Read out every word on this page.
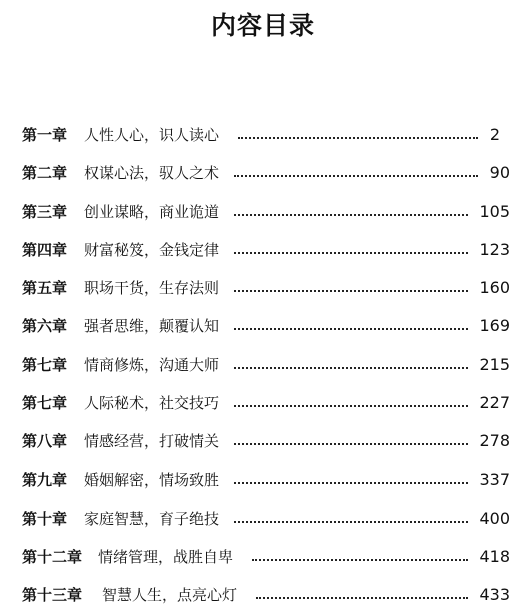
内容目录
第一章 人性人心，识人读心	2
第二章 权谋心法，驭人之术	90
第三章 创业谋略，商业诡道	105
第四章 财富秘笈，金钱定律	123
第五章 职场干货，生存法则	160
第六章 强者思维，颠覆认知	169
第七章 情商修炼，沟通大师	215
第七章 人际秘术，社交技巧	227
第八章 情感经营，打破情关	278
第九章 婚姻解密，情场致胜	337
第十章 家庭智慧，育子绝技	400
第十二章 情绪管理，战胜自卑	418
第十三章 智慧人生，点亮心灯	433
